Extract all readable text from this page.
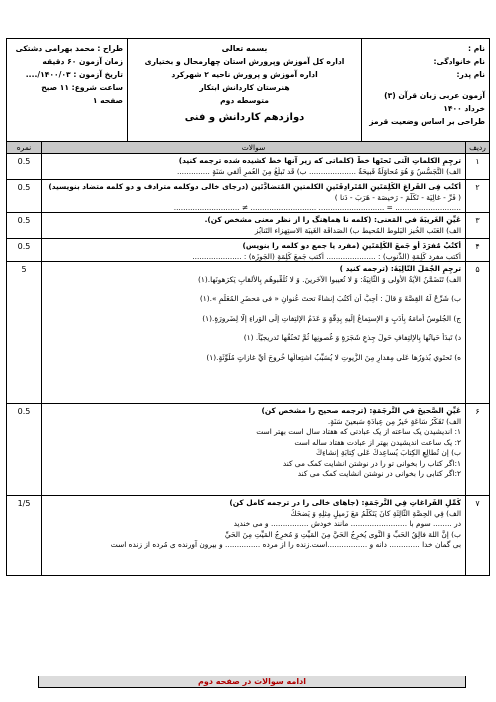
نام :
نام خانوادگی:
نام پدر:
آزمون عربی زبان قرآن (۳)
خرداد ۱۴۰۰
طراحی بر اساس وضعیت قرمز
بسمه تعالی
اداره کل آموزش وپرورش استان چهارمحال و بختیاری
اداره آموزش و پرورش ناحیه ۲ شهرکرد
هنرستان کاردانش ابتکار
متوسطه دوم
دوازدهم کاردانش و فنی
طراح : محمد بهرامی دشتکی
زمان آزمون ۶۰ دقیقه
تاریخ آزمون : ۱۴۰۰/۰۳/....
ساعت شروع: ۱۱ صبح
صفحه ۱
ردیف
سوالات
نمره
۱

ترجِمِ الکلماتِ الَّتی تَحتَها خطٌّ (کلماتی که زیر آنها خط کشیده شده ترجمه کنید)

الف) التَّجَسُّسُ وَ هُوَ مُحاوَلَةٌ قَبيحَةٌ .................... ب) قَد تَبلُغُ مِنَ العُمرِ أَلفي سَنَةٍ ..............

0.5
۲

أُكتُب فِى الفَراغِ الكَلِمَتَينِ المُتَرادِفَتَينِ الكلمتينِ المُتضادَّتَين (درجای خالی دوکلمه مترادف و دو کلمه متضاد بنویسید)

( فَرِّ - غالِيَة - تَكَلَّمَ - رَخيصَة - هَرَبَ - دَنا )

............................ = ............................ ............................ ≠ ............................

0.5
۳

عَيِّنِ الغَريبَةَ في المَعنى: (کلمه نا هماهنگ را از نظر معنی مشخص کن).

الف) العَنَب الخُبز البَلوط المُحيط ب) الصَداقَة الغَيبَة الاستِهزاء التَنابُز

0.5
۴

أُكتُبْ مُفرَدَ أو جَمعَ الكَلِمَتَينِ (مفرد یا جمع دو کلمه را بنویس)

اُکتب مفرد کَلِمَةِ (الذُّنوب) : ..................... اُکتب جَمعَ كَلِمَةِ (الجَوزَة) : .....................

0.5
۵

ترجِمِ الجُمَلَ التّالِيَةَ: (ترجمه کنید )

الف) تَتَضَمَّنُ الآيَةُ الأولى وَ الثّانِيَةُ: وَ لا تُعيبوا الآخَرينَ. وَ لا تُلَقِّبوهُم بِالألقابِ يَكرَهونَها.(۱)

ب) شَرِّحْ لَهُ القِصَّةَ وَ قالَ : أُحِبُّ أَن أكتُبَ إنشاءً تحتَ عُنوانِ « فی مَحضَرِ المُعَلِّمِ ».(۱)

ج) الجُلوسُ أَمامَهُ بِأَدَبٍ وَ الإستِماعُ إلَيهِ بِدِقَّةٍ وَ عَدَمُ الإلتِفاتِ إلَى الوَراءِ إلّا لِضَرورَةٍ.(۱)

د) تَبدَأُ حَياتُها بِالإلتِفافِ حَولَ جِذعِ شَجَرَةٍ وَ غُصونِها ثُمَّ تَخنُقُها تَدريجيّاً. (۱)

ه) تَحتَوي بُذورُها عَلى مِقدارٍ مِنَ الزُّيوتِ لا يُسَبِّبُ اشتِعالُها خُروجَ أيِّ غازاتٍ مُلَوِّثَةٍ.(۱)

5
۶

عَيِّنِ الصَّحيحَ في التَّرجَمَةِ: (ترجمه صحیح را مشخص کن)

الف) تَفَكُّرُ سَاعَةٍ خَيرٌ مِن عِبادَةِ سَبعينَ سَنَةٍ.

۱: اندیشیدن یک ساعته از یک عبادتی که هفتاد سال است بهتر است

۲: یک ساعت اندیشیدن بهتر از عبادت هفتاد ساله است

ب) إن تُطالِعِ الكِتابَ يُساعِدكَ عَلى كِتابَةِ إنشاءِكَ

۱:اگر کتاب را بخوانی تو را در نوشتن انشایت کمک می کند

۲:اگر کتابی را بخوانی در نوشتن انشایت کمک می کند

0.5
۷

كَمِّلِ الفَراغاتِ فِي التَّرجَمَةِ: (جاهای خالی را در ترجمه کامل کن)

الف) فِي الحِصَّةِ الثّالِثَةِ كانَ يَتَكَلَّمُ مَعَ زَميلٍ مِثلِهِ وَ يَضحَكُ

در ........ سوم با ........................ مانند خودش ................ و می خندید

ب) إنَّ اللهَ فالِقُ الحَبِّ وَ النَّوى يُخرِجُ الحَيَّ مِنَ المَيِّتِ وَ مُخرِجُ المَيِّتِ مِنَ الحَيِّ

بی گمان خدا ............. دانه و .................است.زنده را از مرده ............... و بیرون آورنده ی مُرده از زنده است

1/5
ادامه سوالات در صفحه دوم
